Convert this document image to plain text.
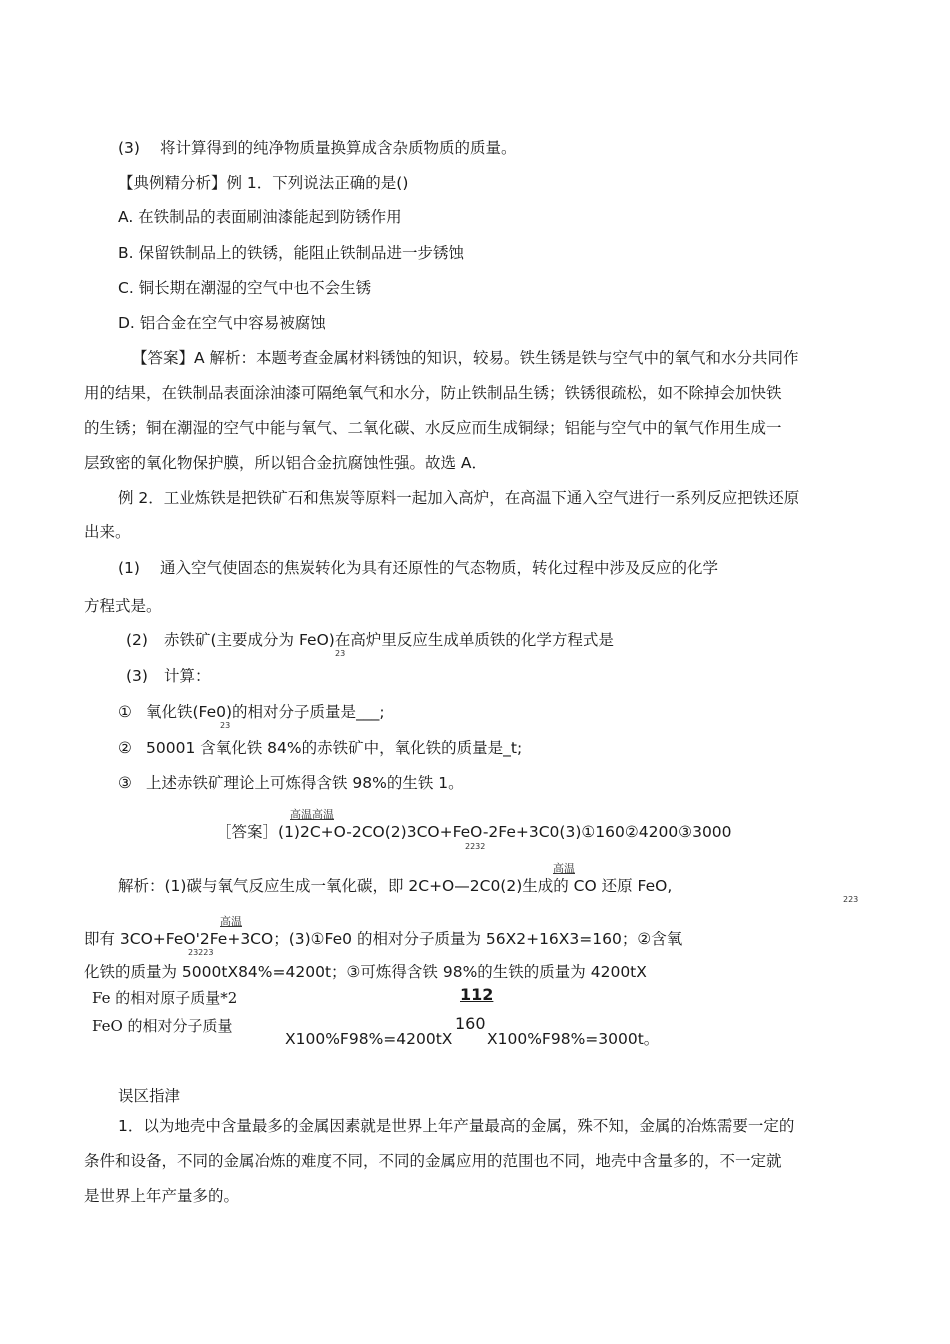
(3) 将计算得到的纯净物质量换算成含杂质物质的质量。
【典例精分析】例 1．下列说法正确的是()
A. 在铁制品的表面刷油漆能起到防锈作用
B. 保留铁制品上的铁锈，能阻止铁制品进一步锈蚀
C. 铜长期在潮湿的空气中也不会生锈
D. 铝合金在空气中容易被腐蚀
【答案】A 解析：本题考查金属材料锈蚀的知识，较易。铁生锈是铁与空气中的氧气和水分共同作
用的结果，在铁制品表面涂油漆可隔绝氧气和水分，防止铁制品生锈；铁锈很疏松，如不除掉会加快铁
的生锈；铜在潮湿的空气中能与氧气、二氧化碳、水反应而生成铜绿；铝能与空气中的氧气作用生成一
层致密的氧化物保护膜，所以铝合金抗腐蚀性强。故选 A．
例 2．工业炼铁是把铁矿石和焦炭等原料一起加入高炉，在高温下通入空气进行一系列反应把铁还原
出来。
(1) 通入空气使固态的焦炭转化为具有还原性的气态物质，转化过程中涉及反应的化学
方程式是。
(2) 赤铁矿(主要成分为 FeO)在高炉里反应生成单质铁的化学方程式是
23
(3) 计算：
① 氧化铁(Fe0)的相对分子质量是___;
23
② 50001 含氧化铁 84%的赤铁矿中，氧化铁的质量是_t;
③ 上述赤铁矿理论上可炼得含铁 98%的生铁 1。
高温高温
［答案］(1)2C+O-2CO(2)3CO+FeO-2Fe+3C0(3)①160②4200③3000
2232
高温
解析：(1)碳与氧气反应生成一氧化碳，即 2C+O—2C0(2)生成的 CO 还原 FeO,
223
高温
即有 3CO+FeO'2Fe+3CO；(3)①Fe0 的相对分子质量为 56X2+16X3=160；②含氧
23223
化铁的质量为 5000tX84%=4200t；③可炼得含铁 98%的生铁的质量为 4200tX
Fe 的相对原子质量*2
FeO 的相对分子质量
112
X100%F98%=4200tX
160
X100%F98%=3000t。
误区指津
1．以为地壳中含量最多的金属因素就是世界上年产量最高的金属，殊不知，金属的冶炼需要一定的
条件和设备，不同的金属冶炼的难度不同，不同的金属应用的范围也不同，地壳中含量多的，不一定就
是世界上年产量多的。
